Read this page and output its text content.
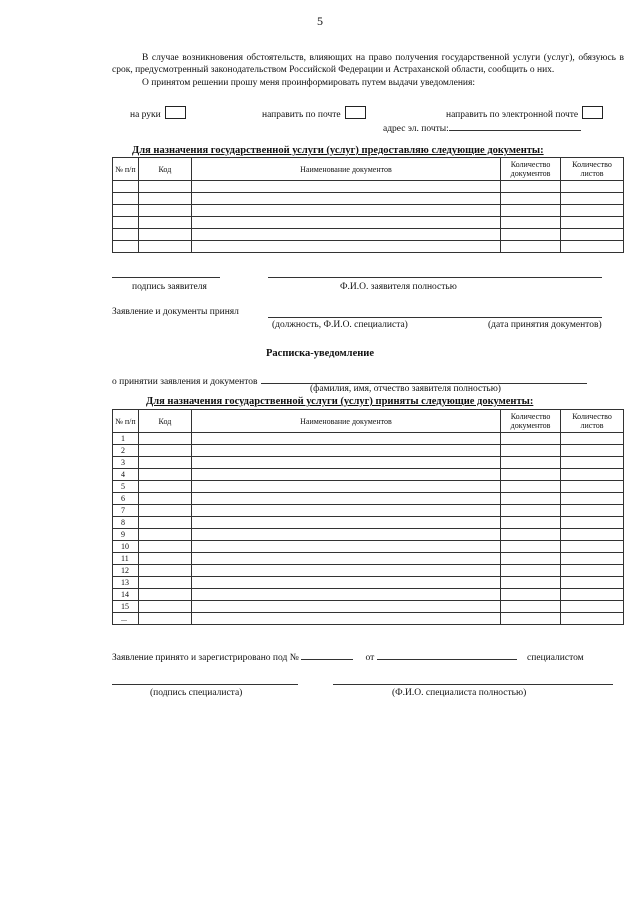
5

В случае возникновения обстоятельств, влияющих на право получения государственной услуги (услуг), обязуюсь в срок, предусмотренный законодательством Российской Федерации и Астраханской области, сообщить о них.

О принятом решении прошу меня проинформировать путем выдачи уведомления:

на руки	направить по почте	направить по электронной почте
адрес эл. почты:
Для назначения государственной услуги (услуг) предоставляю следующие документы:
№ п/п	Код	Наименование документов	Количество документов	Количество листов

подпись заявителя	Ф.И.О. заявителя полностью
Заявление и документы принял
(должность, Ф.И.О. специалиста)	(дата принятия документов)
Расписка-уведомление
о принятии заявления и документов
(фамилия, имя, отчество заявителя полностью)
Для назначения государственной услуги (услуг) приняты следующие документы:
№ п/п	Код	Наименование документов	Количество документов	Количество листов
1				
2				
3				
4				
5				
6				
7				
8				
9				
10				
11				
12				
13				
14				
15				
...				
Заявление принято и зарегистрировано под №	от	специалистом
(подпись специалиста)	(Ф.И.О. специалиста полностью)
